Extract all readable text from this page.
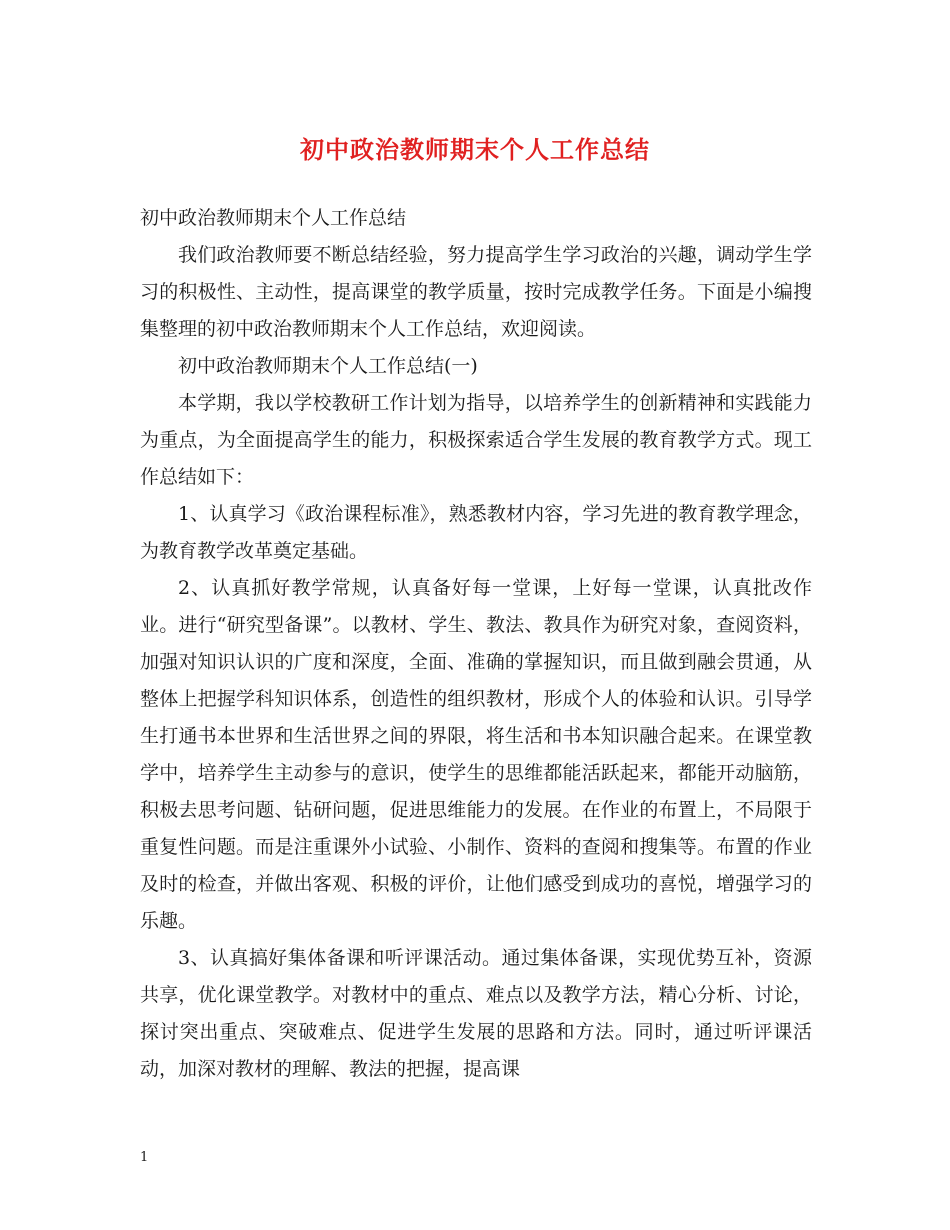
初中政治教师期末个人工作总结

初中政治教师期末个人工作总结

我们政治教师要不断总结经验，努力提高学生学习政治的兴趣，调动学生学习的积极性、主动性，提高课堂的教学质量，按时完成教学任务。下面是小编搜集整理的初中政治教师期末个人工作总结，欢迎阅读。

初中政治教师期末个人工作总结(一)

本学期，我以学校教研工作计划为指导，以培养学生的创新精神和实践能力为重点，为全面提高学生的能力，积极探索适合学生发展的教育教学方式。现工作总结如下：

1、认真学习《政治课程标准》，熟悉教材内容，学习先进的教育教学理念，为教育教学改革奠定基础。

2、认真抓好教学常规，认真备好每一堂课，上好每一堂课，认真批改作业。进行“研究型备课”。以教材、学生、教法、教具作为研究对象，查阅资料，加强对知识认识的广度和深度，全面、准确的掌握知识，而且做到融会贯通，从整体上把握学科知识体系，创造性的组织教材，形成个人的体验和认识。引导学生打通书本世界和生活世界之间的界限，将生活和书本知识融合起来。在课堂教学中，培养学生主动参与的意识，使学生的思维都能活跃起来，都能开动脑筋，积极去思考问题、钻研问题，促进思维能力的发展。在作业的布置上，不局限于重复性问题。而是注重课外小试验、小制作、资料的查阅和搜集等。布置的作业及时的检查，并做出客观、积极的评价，让他们感受到成功的喜悦，增强学习的乐趣。

3、认真搞好集体备课和听评课活动。通过集体备课，实现优势互补，资源共享，优化课堂教学。对教材中的重点、难点以及教学方法，精心分析、讨论，探讨突出重点、突破难点、促进学生发展的思路和方法。同时，通过听评课活动，加深对教材的理解、教法的把握，提高课

1
